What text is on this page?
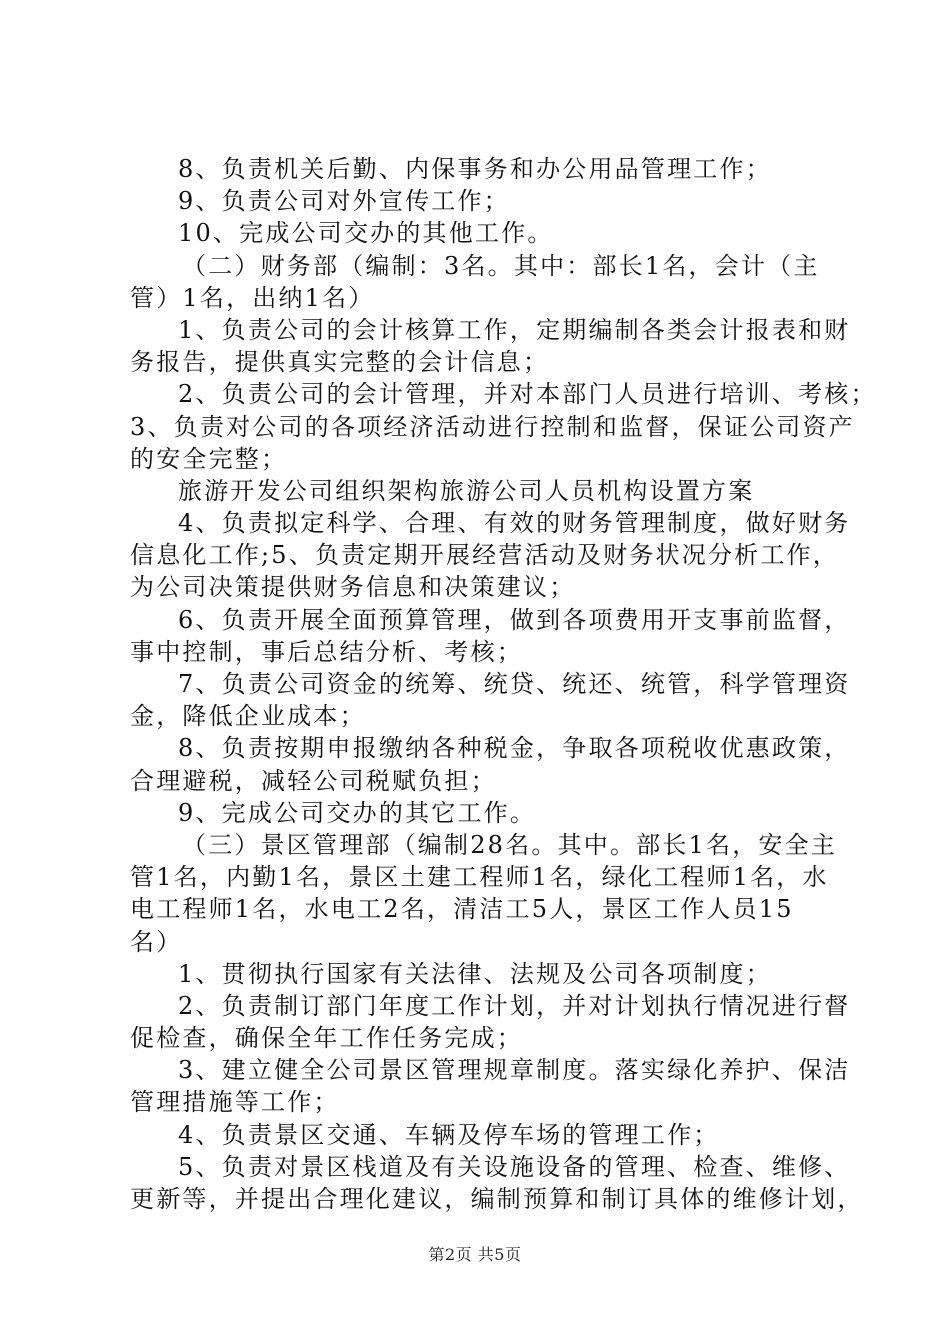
8、负责机关后勤、内保事务和办公用品管理工作；
9、负责公司对外宣传工作；
10、完成公司交办的其他工作。
（二）财务部（编制：3名。其中：部长1名，会计（主
管）1名，出纳1名）
1、负责公司的会计核算工作，定期编制各类会计报表和财
务报告，提供真实完整的会计信息；
2、负责公司的会计管理，并对本部门人员进行培训、考核；
3、负责对公司的各项经济活动进行控制和监督，保证公司资产
的安全完整；
旅游开发公司组织架构旅游公司人员机构设置方案
4、负责拟定科学、合理、有效的财务管理制度，做好财务
信息化工作;5、负责定期开展经营活动及财务状况分析工作，
为公司决策提供财务信息和决策建议；
6、负责开展全面预算管理，做到各项费用开支事前监督，
事中控制，事后总结分析、考核；
7、负责公司资金的统筹、统贷、统还、统管，科学管理资
金，降低企业成本；
8、负责按期申报缴纳各种税金，争取各项税收优惠政策，
合理避税，减轻公司税赋负担；
9、完成公司交办的其它工作。
（三）景区管理部（编制28名。其中。部长1名，安全主
管1名，内勤1名，景区土建工程师1名，绿化工程师1名，水
电工程师1名，水电工2名，清洁工5人，景区工作人员15
名）
1、贯彻执行国家有关法律、法规及公司各项制度；
2、负责制订部门年度工作计划，并对计划执行情况进行督
促检查，确保全年工作任务完成；
3、建立健全公司景区管理规章制度。落实绿化养护、保洁
管理措施等工作；
4、负责景区交通、车辆及停车场的管理工作；
5、负责对景区栈道及有关设施设备的管理、检查、维修、
更新等，并提出合理化建议，编制预算和制订具体的维修计划，
第2页 共5页
